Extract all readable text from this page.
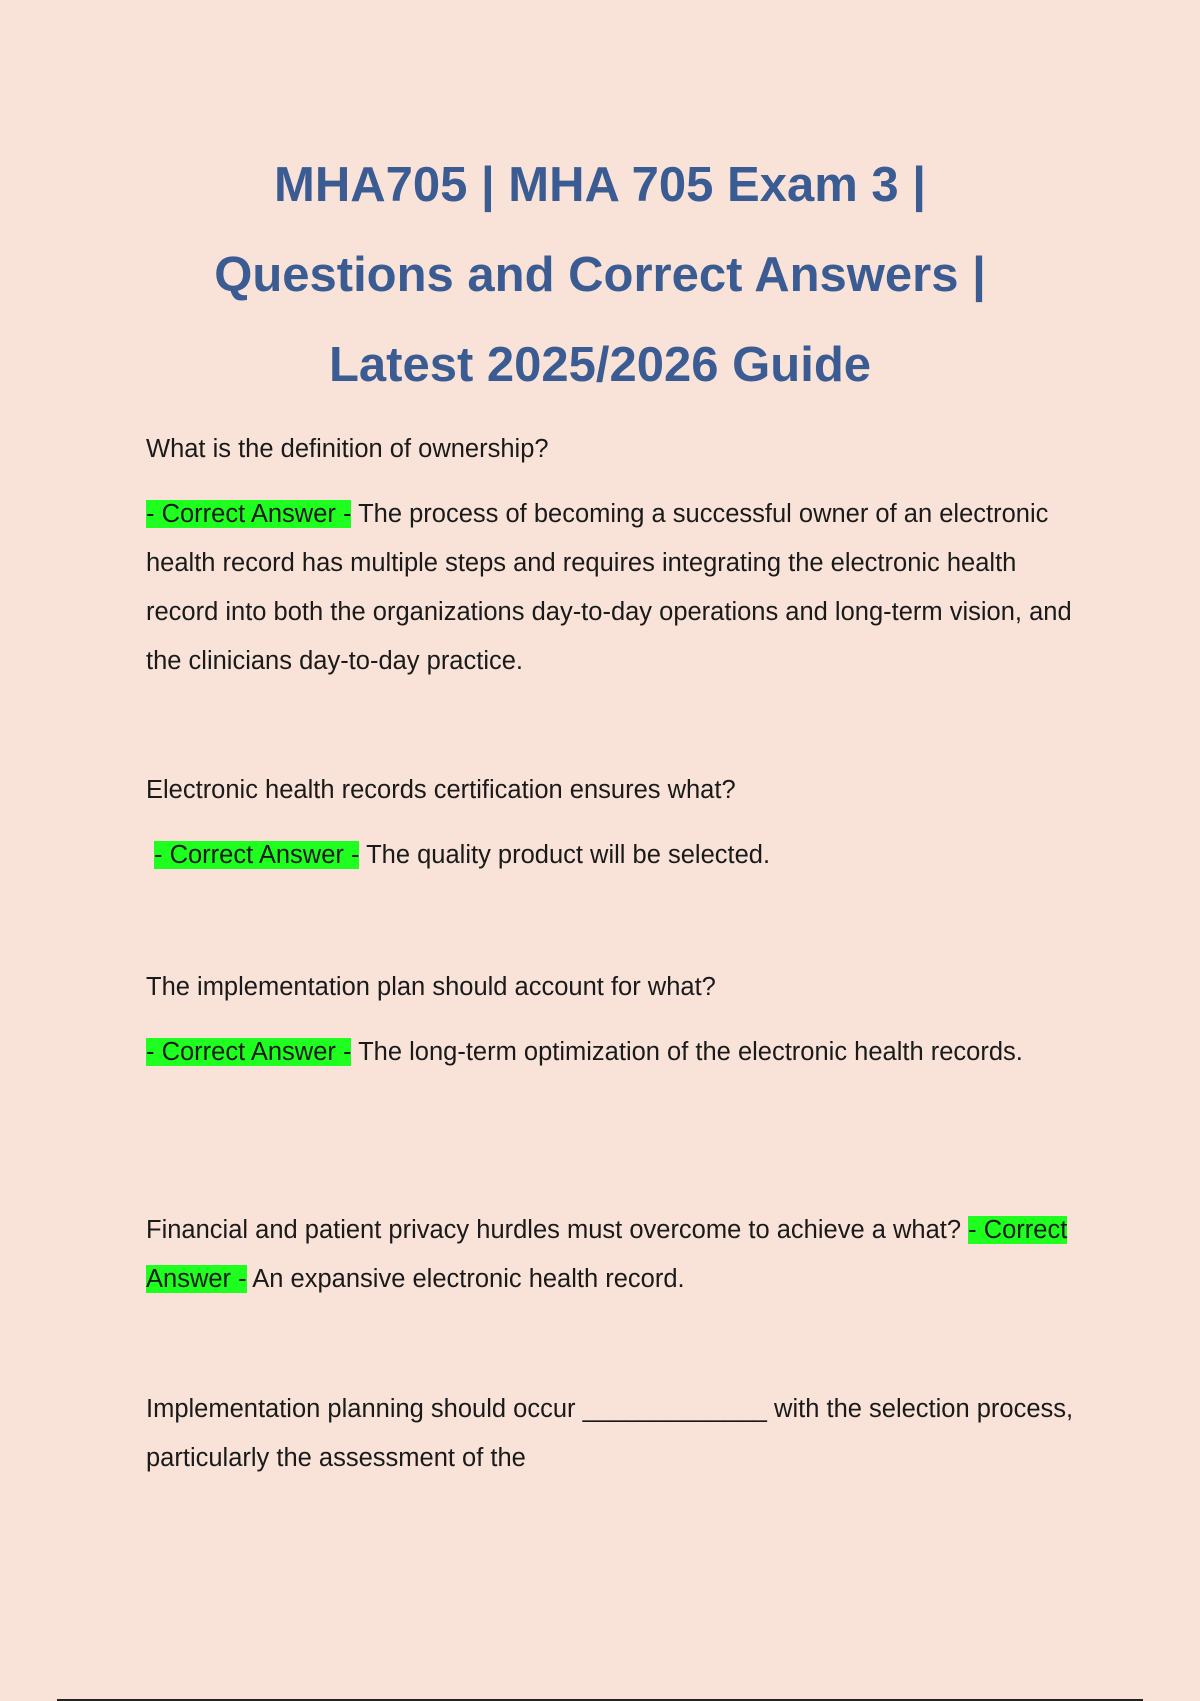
MHA705 | MHA 705 Exam 3 |
Questions and Correct Answers |
Latest 2025/2026 Guide

What is the definition of ownership?

- Correct Answer - The process of becoming a successful owner of an electronic health record has multiple steps and requires integrating the electronic health record into both the organizations day-to-day operations and long-term vision, and the clinicians day-to-day practice.

Electronic health records certification ensures what?

- Correct Answer - The quality product will be selected.

The implementation plan should account for what?

- Correct Answer - The long-term optimization of the electronic health records.

Financial and patient privacy hurdles must overcome to achieve a what? - Correct Answer - An expansive electronic health record.

Implementation planning should occur _____________ with the selection process, particularly the assessment of the
